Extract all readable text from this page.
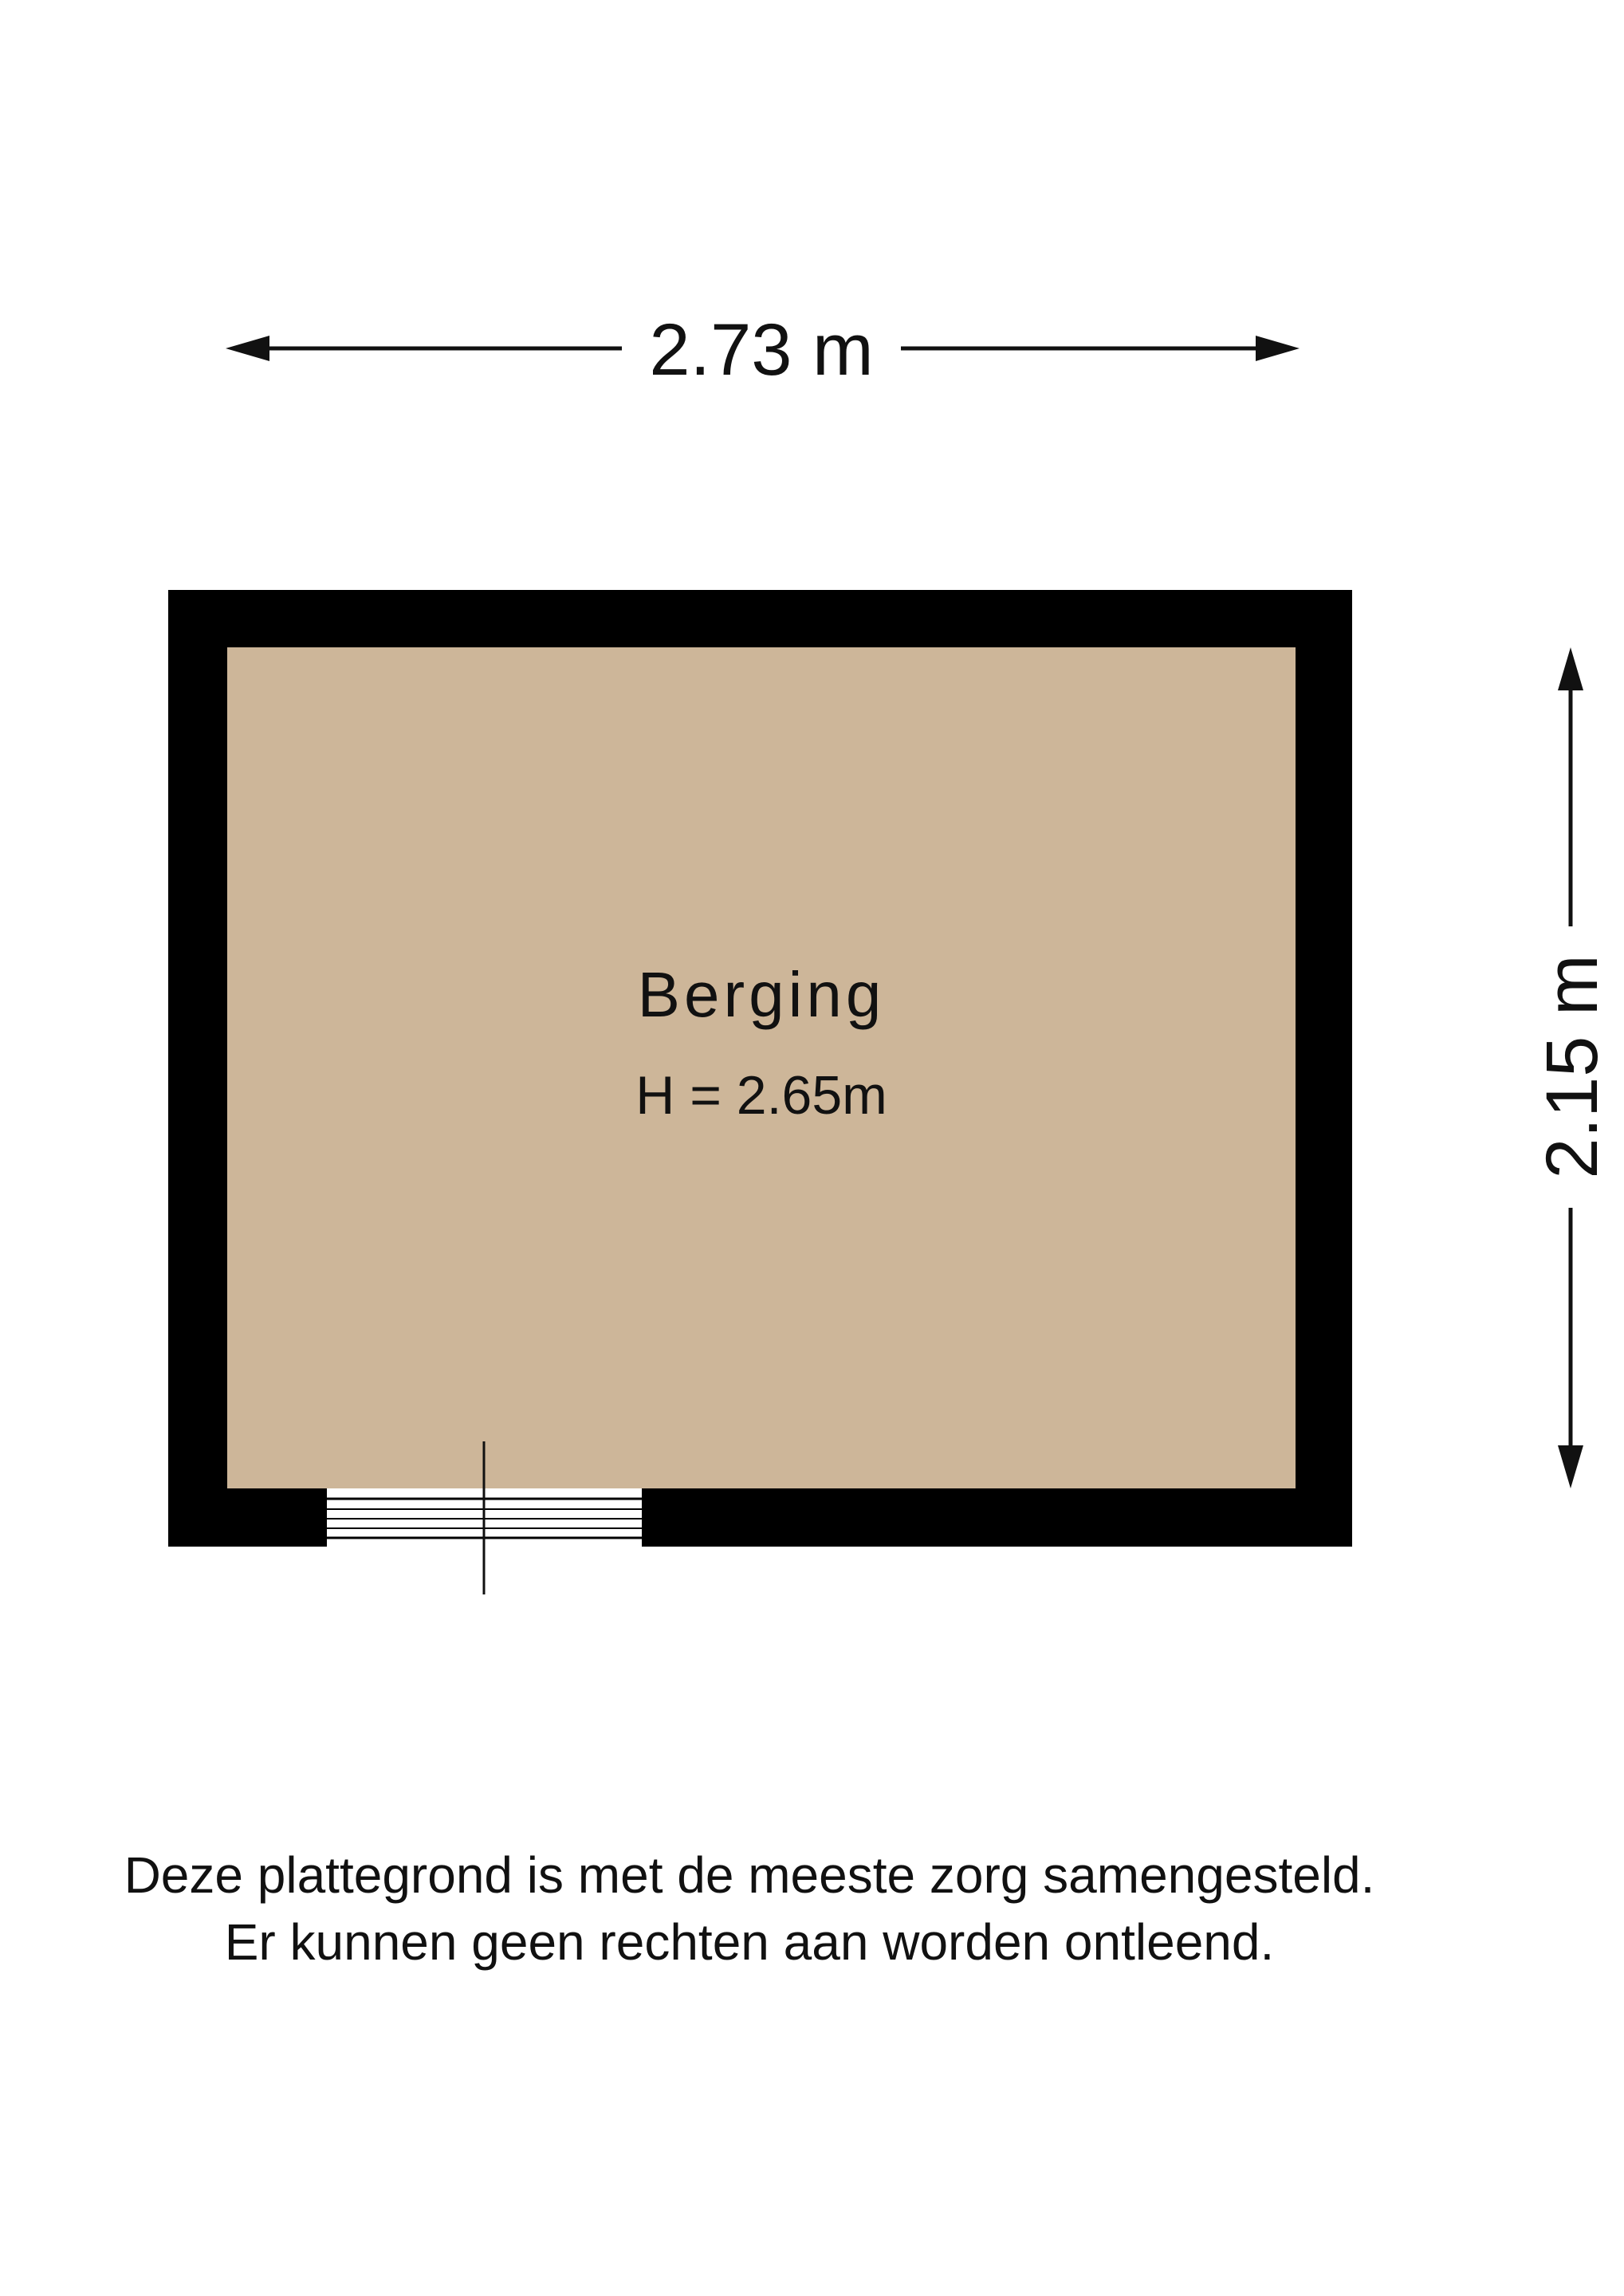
2.73 m
Berging
H = 2.65m	2.15 m
Deze plattegrond is met de meeste zorg samengesteld.
Er kunnen geen rechten aan worden ontleend.
